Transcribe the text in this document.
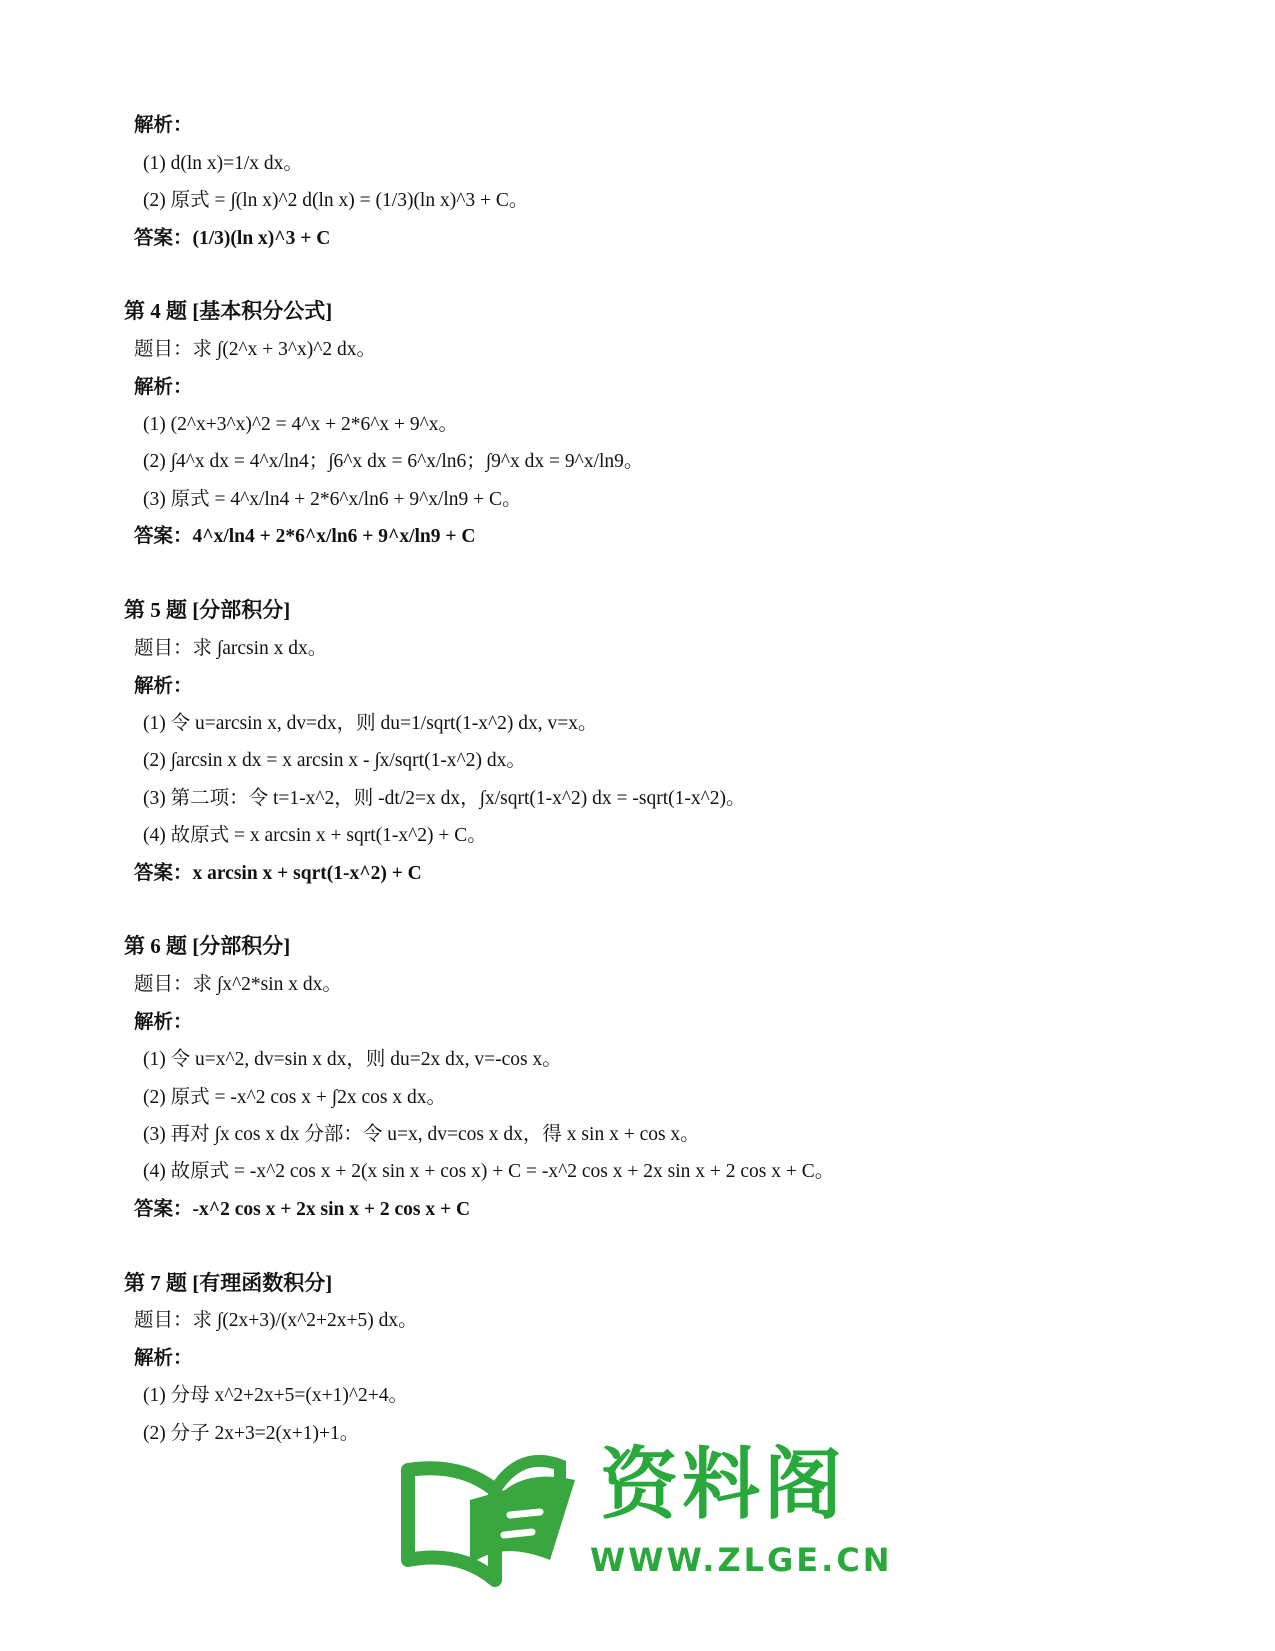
解析：
(1) d(ln x)=1/x dx。
(2) 原式 = ∫(ln x)^2 d(ln x) = (1/3)(ln x)^3 + C。
答案：(1/3)(ln x)^3 + C
第 4 题 [基本积分公式]
题目：求 ∫(2^x + 3^x)^2 dx。
解析：
(1) (2^x+3^x)^2 = 4^x + 2*6^x + 9^x。
(2) ∫4^x dx = 4^x/ln4；∫6^x dx = 6^x/ln6；∫9^x dx = 9^x/ln9。
(3) 原式 = 4^x/ln4 + 2*6^x/ln6 + 9^x/ln9 + C。
答案：4^x/ln4 + 2*6^x/ln6 + 9^x/ln9 + C
第 5 题 [分部积分]
题目：求 ∫arcsin x dx。
解析：
(1) 令 u=arcsin x, dv=dx，则 du=1/sqrt(1-x^2) dx, v=x。
(2) ∫arcsin x dx = x arcsin x - ∫x/sqrt(1-x^2) dx。
(3) 第二项：令 t=1-x^2，则 -dt/2=x dx，∫x/sqrt(1-x^2) dx = -sqrt(1-x^2)。
(4) 故原式 = x arcsin x + sqrt(1-x^2) + C。
答案：x arcsin x + sqrt(1-x^2) + C
第 6 题 [分部积分]
题目：求 ∫x^2*sin x dx。
解析：
(1) 令 u=x^2, dv=sin x dx，则 du=2x dx, v=-cos x。
(2) 原式 = -x^2 cos x + ∫2x cos x dx。
(3) 再对 ∫x cos x dx 分部：令 u=x, dv=cos x dx，得 x sin x + cos x。
(4) 故原式 = -x^2 cos x + 2(x sin x + cos x) + C = -x^2 cos x + 2x sin x + 2 cos x + C。
答案：-x^2 cos x + 2x sin x + 2 cos x + C
第 7 题 [有理函数积分]
题目：求 ∫(2x+3)/(x^2+2x+5) dx。
解析：
(1) 分母 x^2+2x+5=(x+1)^2+4。
(2) 分子 2x+3=2(x+1)+1。
资料阁
WWW.ZLGE.CN
